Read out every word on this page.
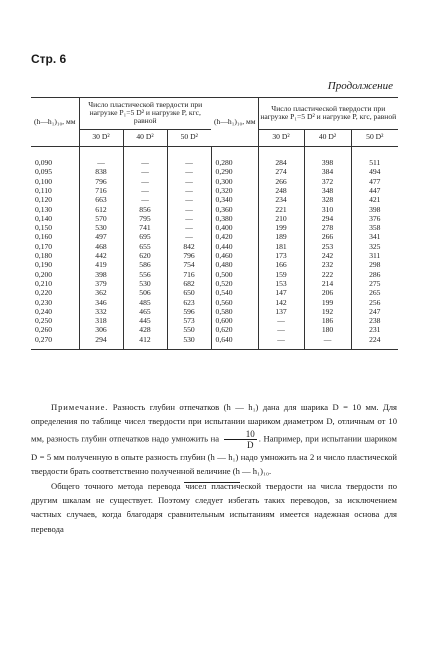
Стр. 6
Продолжение
(h—h₁)₁₀, мм	Число пластической твердости при нагрузке P₁=5 D² и нагрузке P, кгс, равной			(h—h₁)₁₀, мм	Число пластической твердости при нагрузке P₁=5 D² и нагрузке P, кгс, равной		
	30 D²	40 D²	50 D²		30 D²	40 D²	50 D²
0,090	—	—	—	0,280	284	398	511
0,095	838	—	—	0,290	274	384	494
0,100	796	—	—	0,300	266	372	477
0,110	716	—	—	0,320	248	348	447
0,120	663	—	—	0,340	234	328	421
0,130	612	856	—	0,360	221	310	398
0,140	570	795	—	0,380	210	294	376
0,150	530	741	—	0,400	199	278	358
0,160	497	695	—	0,420	189	266	341
0,170	468	655	842	0,440	181	253	325
0,180	442	620	796	0,460	173	242	311
0,190	419	586	754	0,480	166	232	298
0,200	398	556	716	0,500	159	222	286
0,210	379	530	682	0,520	153	214	275
0,220	362	506	650	0,540	147	206	265
0,230	346	485	623	0,560	142	199	256
0,240	332	465	596	0,580	137	192	247
0,250	318	445	573	0,600	—	186	238
0,260	306	428	550	0,620	—	180	231
0,270	294	412	530	0,640	—	—	224

Примечание. Разность глубин отпечатков (h — h₁) дана для шарика D = 10 мм. Для определения по таблице чисел твердости при испытании шариком диаметром D, отличным от 10 мм, разность глубин отпечатков надо умножить на $\frac{10}{D}$ . Например, при испытании шариком D = 5 мм полученную в опыте разность глубин (h — h₁) надо умножить на 2 и число пластической твердости брать соответственно полученной величине (h — h₁)₁₀.

Общего точного метода перевода чисел пластической твердости на числа твердости по другим шкалам не существует. Поэтому следует избегать таких переводов, за исключением частных случаев, когда благодаря сравнительным испытаниям имеется надежная основа для перевода
